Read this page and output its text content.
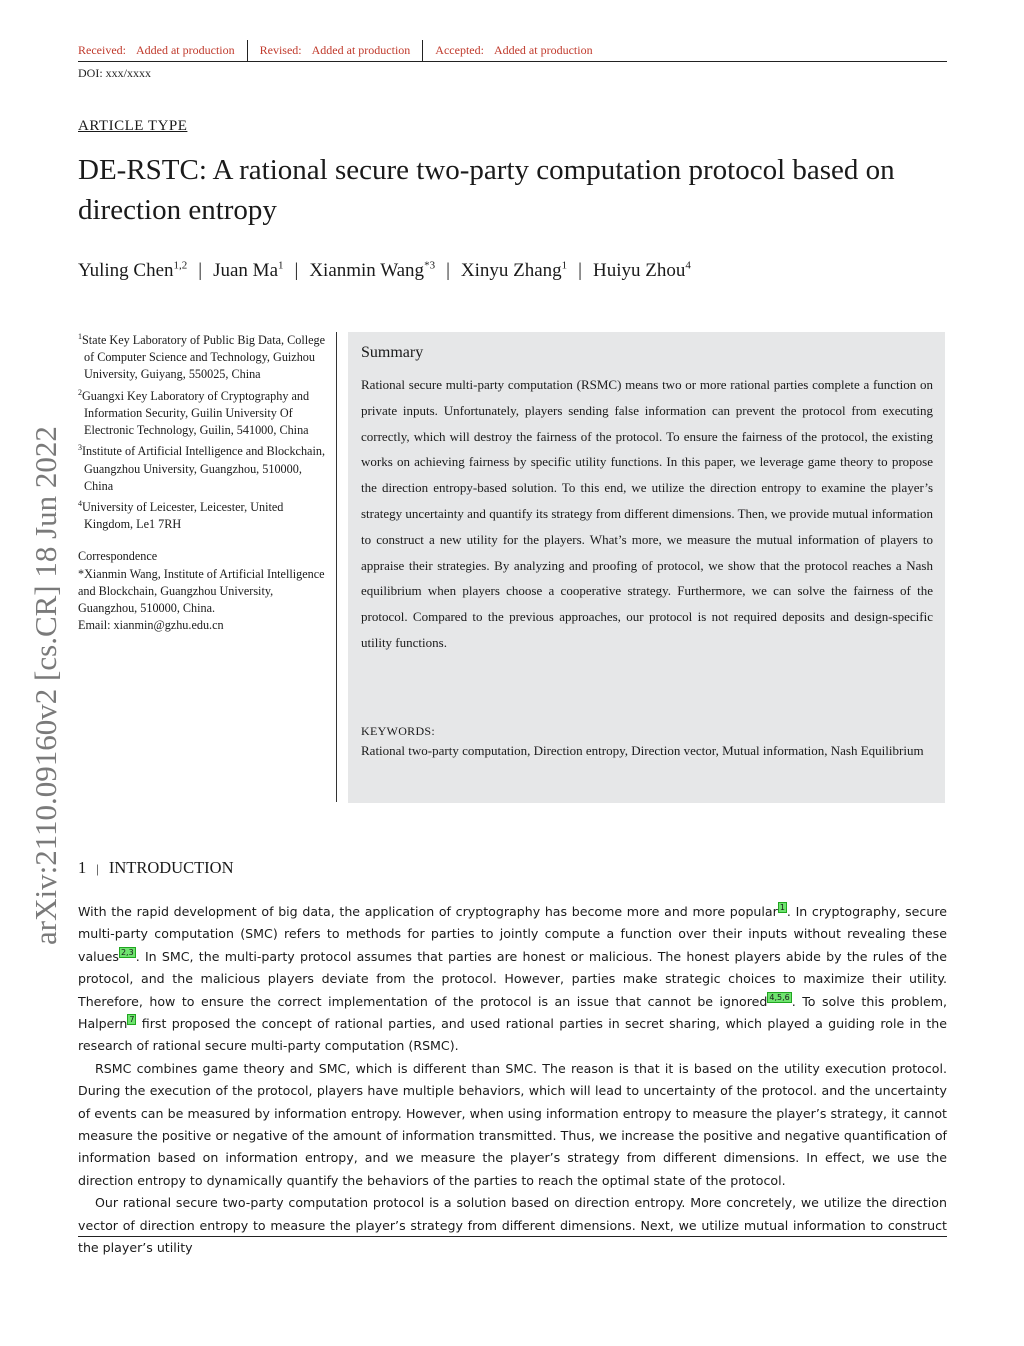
Received: Added at production	Revised: Added at production Accepted: Added at production
DOI: xxx/xxxx
ARTICLE TYPE
DE-RSTC: A rational secure two-party computation protocol based on direction entropy
Yuling Chen$^{1,2}$ | Juan Ma$^1$ | Xianmin Wang$^{*3}$ | Xinyu Zhang$^1$ | Huiyu Zhou$^4$
$^1$State Key Laboratory of Public Big Data, College of Computer Science and Technology, Guizhou University, Guiyang, 550025, China
$^2$Guangxi Key Laboratory of Cryptography and Information Security, Guilin University Of Electronic Technology, Guilin, 541000, China
$^3$Institute of Artificial Intelligence and Blockchain, Guangzhou University, Guangzhou, 510000, China
$^4$University of Leicester, Leicester, United Kingdom, Le1 7RH
Correspondence
*Xianmin Wang, Institute of Artificial Intelligence and Blockchain, Guangzhou University, Guangzhou, 510000, China.
Email: xianmin@gzhu.edu.cn
Summary
Rational secure multi-party computation (RSMC) means two or more rational parties complete a function on private inputs. Unfortunately, players sending false information can prevent the protocol from executing correctly, which will destroy the fairness of the protocol. To ensure the fairness of the protocol, the existing works on achieving fairness by specific utility functions. In this paper, we leverage game theory to propose the direction entropy-based solution. To this end, we utilize the direction entropy to examine the player’s strategy uncertainty and quantify its strategy from different dimensions. Then, we provide mutual information to construct a new utility for the players. What’s more, we measure the mutual information of players to appraise their strategies. By analyzing and proofing of protocol, we show that the protocol reaches a Nash equilibrium when players choose a cooperative strategy. Furthermore, we can solve the fairness of the protocol. Compared to the previous approaches, our protocol is not required deposits and design-specific utility functions.
KEYWORDS:
Rational two-party computation, Direction entropy, Direction vector, Mutual information, Nash Equilibrium
arXiv:2110.09160v2 [cs.CR] 18 Jun 2022 1 | INTRODUCTION

With the rapid development of big data, the application of cryptography has become more and more popular 1 . In cryptography, secure multi-party computation (SMC) refers to methods for parties to jointly compute a function over their inputs without revealing these values 2,3 . In SMC, the multi-party protocol assumes that parties are honest or malicious. The honest players abide by the rules of the protocol, and the malicious players deviate from the protocol. However, parties make strategic choices to maximize their utility. Therefore, how to ensure the correct implementation of the protocol is an issue that cannot be ignored 4,5,6 . To solve this problem, Halpern 7 first proposed the concept of rational parties, and used rational parties in secret sharing, which played a guiding role in the research of rational secure multi-party computation (RSMC).

RSMC combines game theory and SMC, which is different than SMC. The reason is that it is based on the utility execution protocol. During the execution of the protocol, players have multiple behaviors, which will lead to uncertainty of the protocol. and the uncertainty of events can be measured by information entropy. However, when using information entropy to measure the player’s strategy, it cannot measure the positive or negative of the amount of information transmitted. Thus, we increase the positive and negative quantification of information based on information entropy, and we measure the player’s strategy from different dimensions. In effect, we use the direction entropy to dynamically quantify the behaviors of the parties to reach the optimal state of the protocol.

Our rational secure two-party computation protocol is a solution based on direction entropy. More concretely, we utilize the direction vector of direction entropy to measure the player’s strategy from different dimensions. Next, we utilize mutual information to construct the player’s utility
